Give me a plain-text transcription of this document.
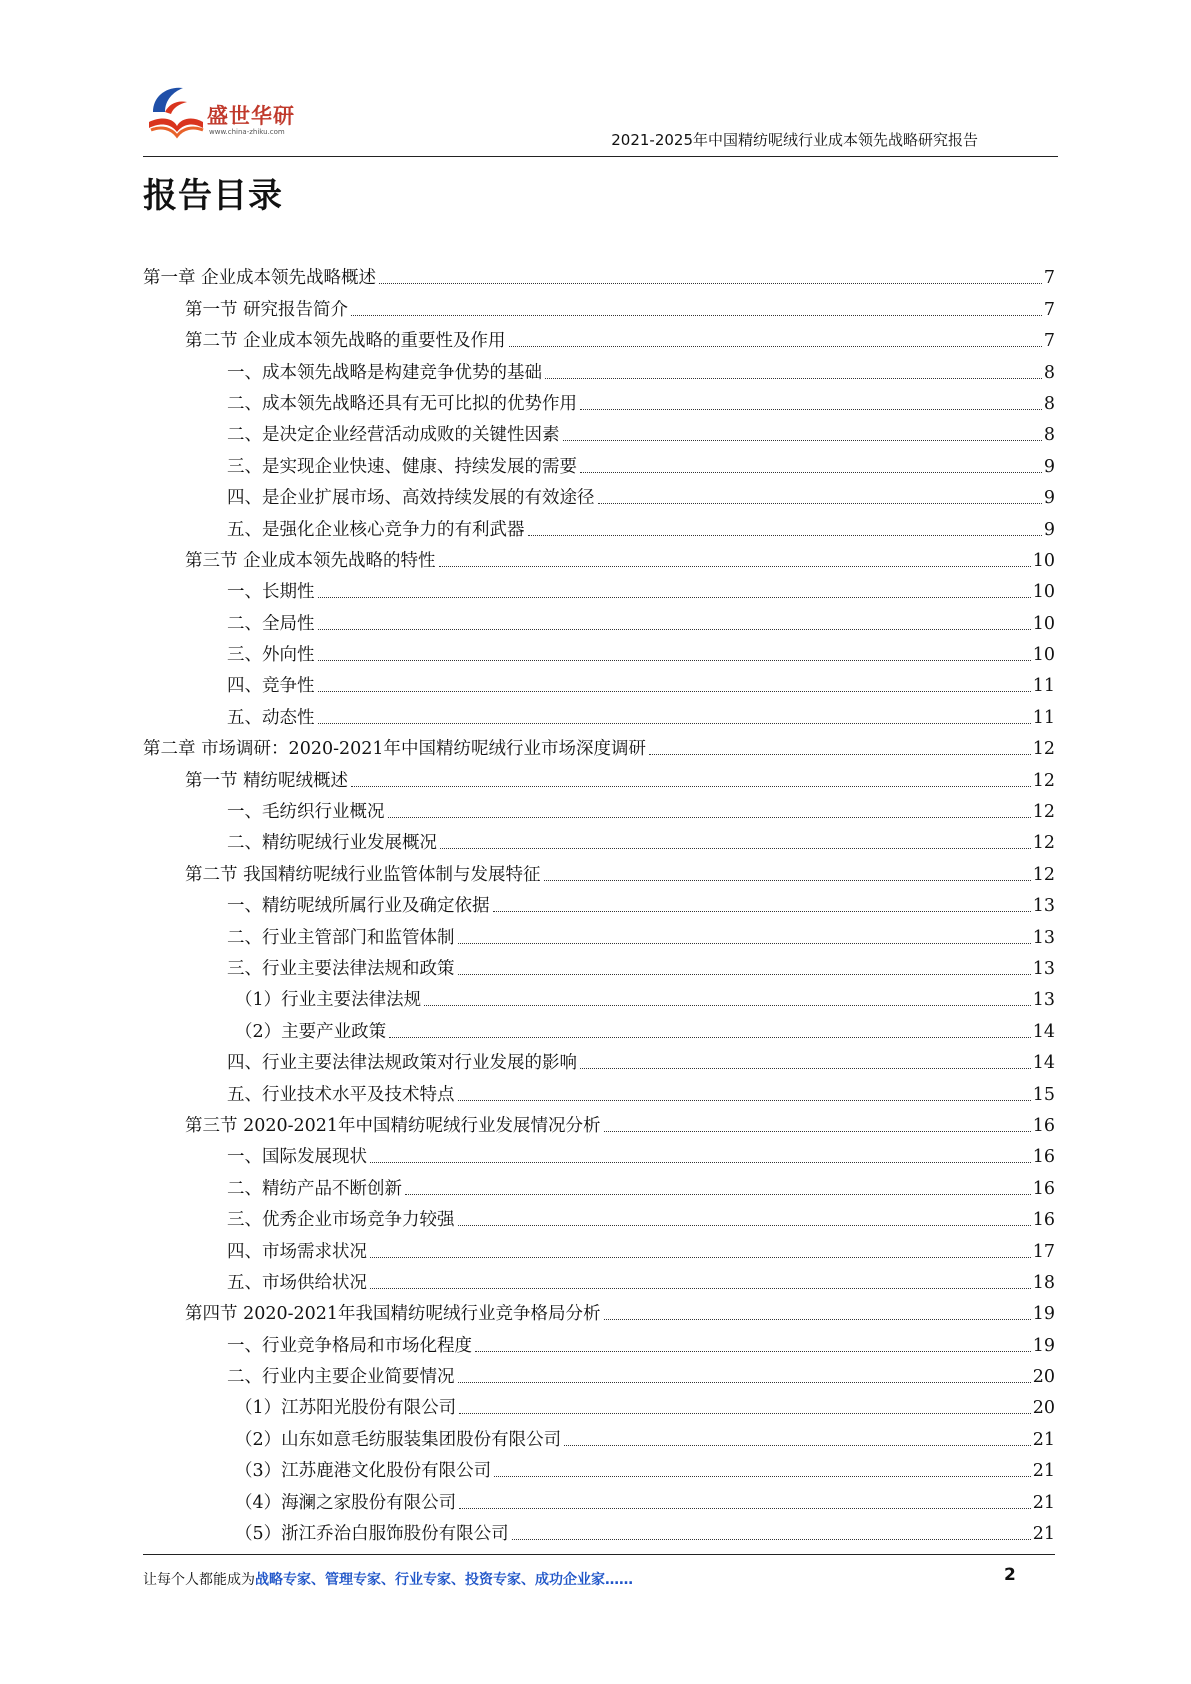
盛世华研
www.china-zhiku.com	2021-2025年中国精纺呢绒行业成本领先战略研究报告
报告目录
第一章 企业成本领先战略概述	7
第一节 研究报告简介	7
第二节 企业成本领先战略的重要性及作用	7
一、成本领先战略是构建竞争优势的基础	8
二、成本领先战略还具有无可比拟的优势作用	8
二、是决定企业经营活动成败的关键性因素	8
三、是实现企业快速、健康、持续发展的需要	9
四、是企业扩展市场、高效持续发展的有效途径	9
五、是强化企业核心竞争力的有利武器	9
第三节 企业成本领先战略的特性	10
一、长期性	10
二、全局性	10
三、外向性	10
四、竞争性	11
五、动态性	11
第二章 市场调研：2020-2021年中国精纺呢绒行业市场深度调研	12
第一节 精纺呢绒概述	12
一、毛纺织行业概况	12
二、精纺呢绒行业发展概况	12
第二节 我国精纺呢绒行业监管体制与发展特征	12
一、精纺呢绒所属行业及确定依据	13
二、行业主管部门和监管体制	13
三、行业主要法律法规和政策	13
（1）行业主要法律法规	13
（2）主要产业政策	14
四、行业主要法律法规政策对行业发展的影响	14
五、行业技术水平及技术特点	15
第三节 2020-2021年中国精纺呢绒行业发展情况分析	16
一、国际发展现状	16
二、精纺产品不断创新	16
三、优秀企业市场竞争力较强	16
四、市场需求状况	17
五、市场供给状况	18
第四节 2020-2021年我国精纺呢绒行业竞争格局分析	19
一、行业竞争格局和市场化程度	19
二、行业内主要企业简要情况	20
（1）江苏阳光股份有限公司	20
（2）山东如意毛纺服装集团股份有限公司	21
（3）江苏鹿港文化股份有限公司	21
（4）海澜之家股份有限公司	21
（5）浙江乔治白服饰股份有限公司	21
让每个人都能成为战略专家、管理专家、行业专家、投资专家、成功企业家……	2
